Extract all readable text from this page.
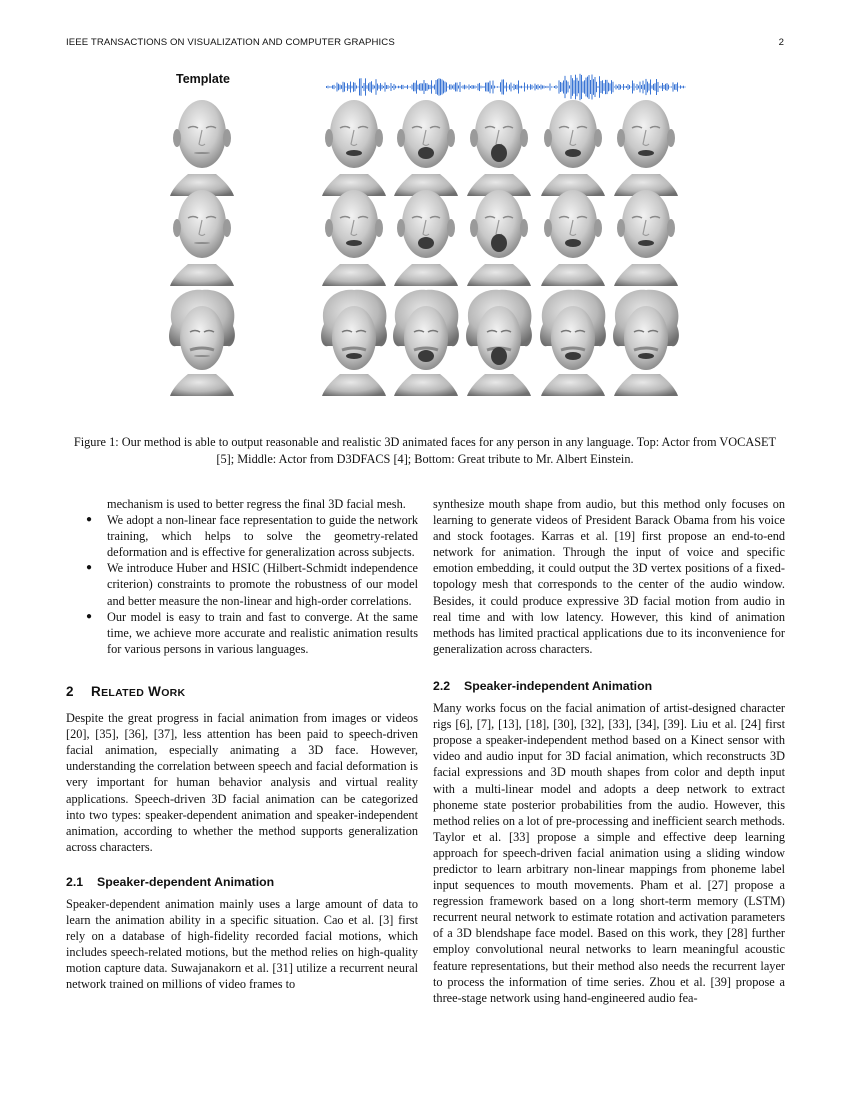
IEEE TRANSACTIONS ON VISUALIZATION AND COMPUTER GRAPHICS	2
Template
Figure 1: Our method is able to output reasonable and realistic 3D animated faces for any person in any language. Top: Actor from VOCASET [5]; Middle: Actor from D3DFACS [4]; Bottom: Great tribute to Mr. Albert Einstein.

mechanism is used to better regress the final 3D facial mesh.

● We adopt a non-linear face representation to guide the network training, which helps to solve the geometry-related deformation and is effective for generalization across subjects.
● We introduce Huber and HSIC (Hilbert-Schmidt independence criterion) constraints to promote the robustness of our model and better measure the non-linear and high-order correlations.
● Our model is easy to train and fast to converge. At the same time, we achieve more accurate and realistic animation results for various persons in various languages.
2 RELATED WORK

Despite the great progress in facial animation from images or videos [20], [35], [36], [37], less attention has been paid to speech-driven facial animation, especially animating a 3D face. However, understanding the correlation between speech and facial deformation is very important for human behavior analysis and virtual reality applications. Speech-driven 3D facial animation can be categorized into two types: speaker-dependent animation and speaker-independent animation, according to whether the method supports generalization across characters.

2.1 Speaker-dependent Animation

Speaker-dependent animation mainly uses a large amount of data to learn the animation ability in a specific situation. Cao et al. [3] first rely on a database of high-fidelity recorded facial motions, which includes speech-related motions, but the method relies on high-quality motion capture data. Suwajanakorn et al. [31] utilize a recurrent neural network trained on millions of video frames to

synthesize mouth shape from audio, but this method only focuses on learning to generate videos of President Barack Obama from his voice and stock footages. Karras et al. [19] first propose an end-to-end network for animation. Through the input of voice and specific emotion embedding, it could output the 3D vertex positions of a fixed-topology mesh that corresponds to the center of the audio window. Besides, it could produce expressive 3D facial motion from audio in real time and with low latency. However, this kind of animation methods has limited practical applications due to its inconvenience for generalization across characters.

2.2 Speaker-independent Animation

Many works focus on the facial animation of artist-designed character rigs [6], [7], [13], [18], [30], [32], [33], [34], [39]. Liu et al. [24] first propose a speaker-independent method based on a Kinect sensor with video and audio input for 3D facial animation, which reconstructs 3D facial expressions and 3D mouth shapes from color and depth input with a multi-linear model and adopts a deep network to extract phoneme state posterior probabilities from the audio. However, this method relies on a lot of pre-processing and inefficient search methods. Taylor et al. [33] propose a simple and effective deep learning approach for speech-driven facial animation using a sliding window predictor to learn arbitrary non-linear mappings from phoneme label input sequences to mouth movements. Pham et al. [27] propose a regression framework based on a long short-term memory (LSTM) recurrent neural network to estimate rotation and activation parameters of a 3D blendshape face model. Based on this work, they [28] further employ convolutional neural networks to learn meaningful acoustic feature representations, but their method also needs the recurrent layer to process the information of time series. Zhou et al. [39] propose a three-stage network using hand-engineered audio fea-
